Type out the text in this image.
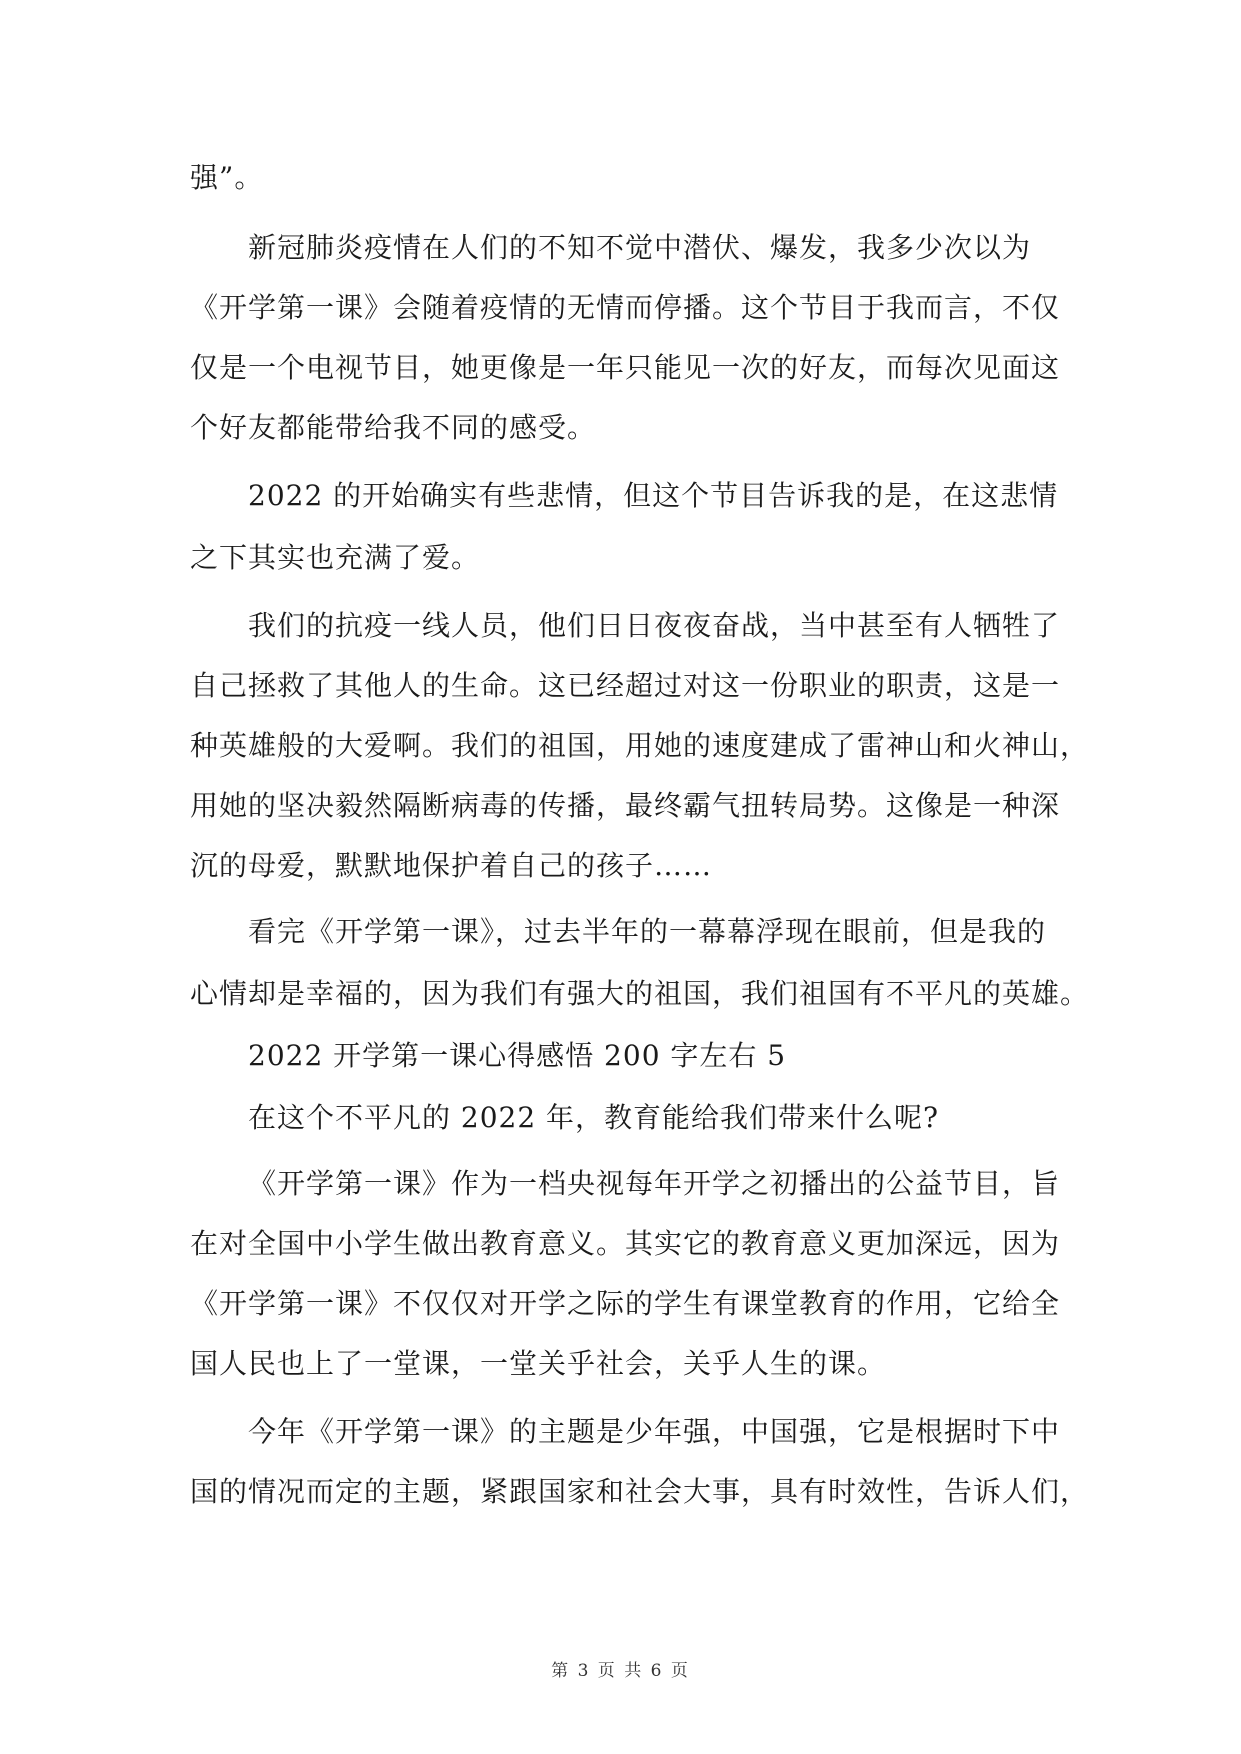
强”。
新冠肺炎疫情在人们的不知不觉中潜伏、爆发，我多少次以为
《开学第一课》会随着疫情的无情而停播。这个节目于我而言，不仅
仅是一个电视节目，她更像是一年只能见一次的好友，而每次见面这
个好友都能带给我不同的感受。
2022 的开始确实有些悲情，但这个节目告诉我的是，在这悲情
之下其实也充满了爱。
我们的抗疫一线人员，他们日日夜夜奋战，当中甚至有人牺牲了
自己拯救了其他人的生命。这已经超过对这一份职业的职责，这是一
种英雄般的大爱啊。我们的祖国，用她的速度建成了雷神山和火神山，
用她的坚决毅然隔断病毒的传播，最终霸气扭转局势。这像是一种深
沉的母爱，默默地保护着自己的孩子……
看完《开学第一课》，过去半年的一幕幕浮现在眼前，但是我的
心情却是幸福的，因为我们有强大的祖国，我们祖国有不平凡的英雄。
2022 开学第一课心得感悟 200 字左右 5
在这个不平凡的 2022 年，教育能给我们带来什么呢?
《开学第一课》作为一档央视每年开学之初播出的公益节目，旨
在对全国中小学生做出教育意义。其实它的教育意义更加深远，因为
《开学第一课》不仅仅对开学之际的学生有课堂教育的作用，它给全
国人民也上了一堂课，一堂关乎社会，关乎人生的课。
今年《开学第一课》的主题是少年强，中国强，它是根据时下中
国的情况而定的主题，紧跟国家和社会大事，具有时效性，告诉人们，
第 3 页 共 6 页
